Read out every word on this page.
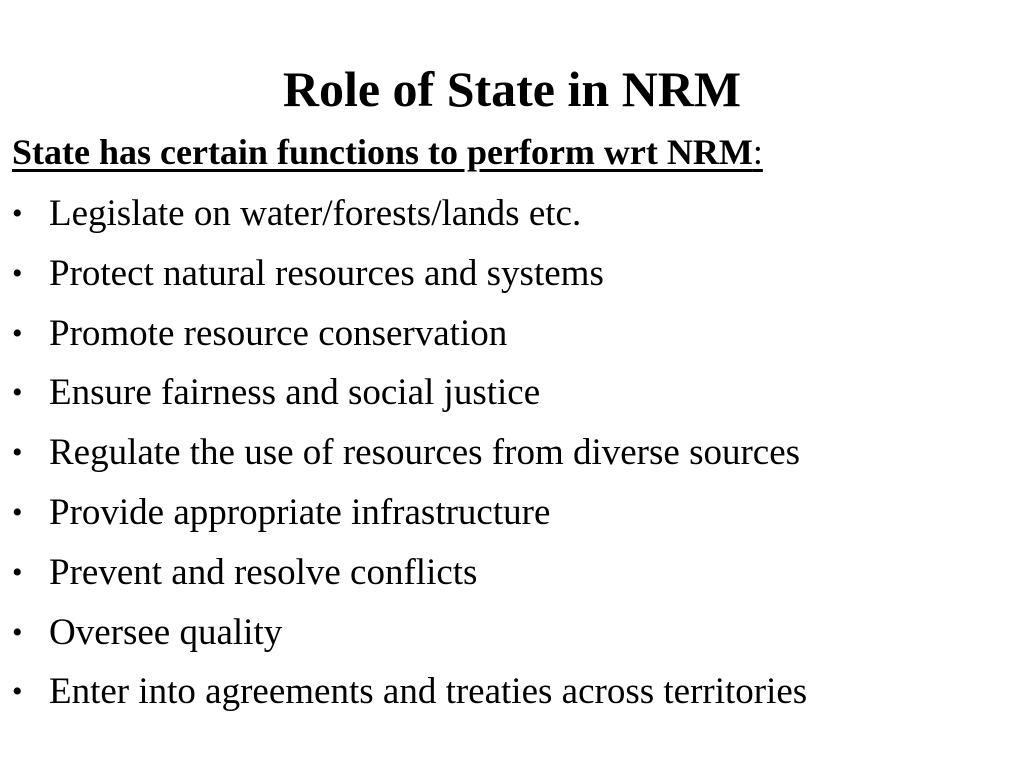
Role of State in NRM

State has certain functions to perform wrt NRM:

• Legislate on water/forests/lands etc.
• Protect natural resources and systems
• Promote resource conservation
• Ensure fairness and social justice
• Regulate the use of resources from diverse sources
• Provide appropriate infrastructure
• Prevent and resolve conflicts
• Oversee quality
• Enter into agreements and treaties across territories
